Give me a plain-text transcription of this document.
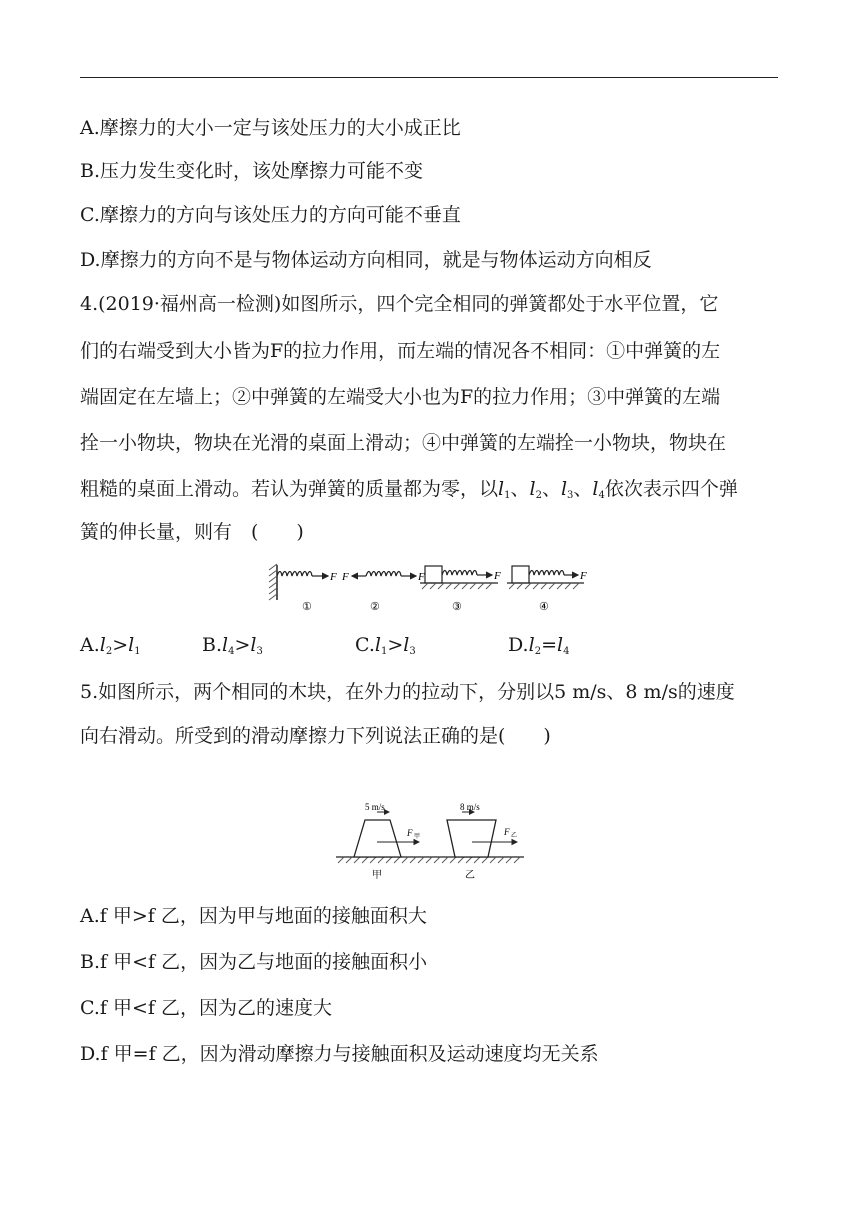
A.摩擦力的大小一定与该处压力的大小成正比
B.压力发生变化时，该处摩擦力可能不变
C.摩擦力的方向与该处压力的方向可能不垂直
D.摩擦力的方向不是与物体运动方向相同，就是与物体运动方向相反
4.(2019·福州高一检测)如图所示，四个完全相同的弹簧都处于水平位置，它
们的右端受到大小皆为F的拉力作用，而左端的情况各不相同：①中弹簧的左
端固定在左墙上；②中弹簧的左端受大小也为F的拉力作用；③中弹簧的左端
拴一小物块，物块在光滑的桌面上滑动；④中弹簧的左端拴一小物块，物块在
粗糙的桌面上滑动。若认为弹簧的质量都为零，以$l_1$、$l_2$、$l_3$、$l_4$依次表示四个弹
簧的伸长量，则有　(　　)
F
①
F	F
②
F
③
F
④
$A.l_2>l_1$	$B.l_4>l_3$	$C.l_1>l_3$	$D.l_2=l_4$
5.如图所示，两个相同的木块，在外力的拉动下，分别以5 m/s、8 m/s的速度
向右滑动。所受到的滑动摩擦力下列说法正确的是(　　)
5 m/s
F 甲
甲
8 m/s
F 乙
乙
A.f 甲>f 乙，因为甲与地面的接触面积大
B.f 甲<f 乙，因为乙与地面的接触面积小
C.f 甲<f 乙，因为乙的速度大
D.f 甲=f 乙，因为滑动摩擦力与接触面积及运动速度均无关系
